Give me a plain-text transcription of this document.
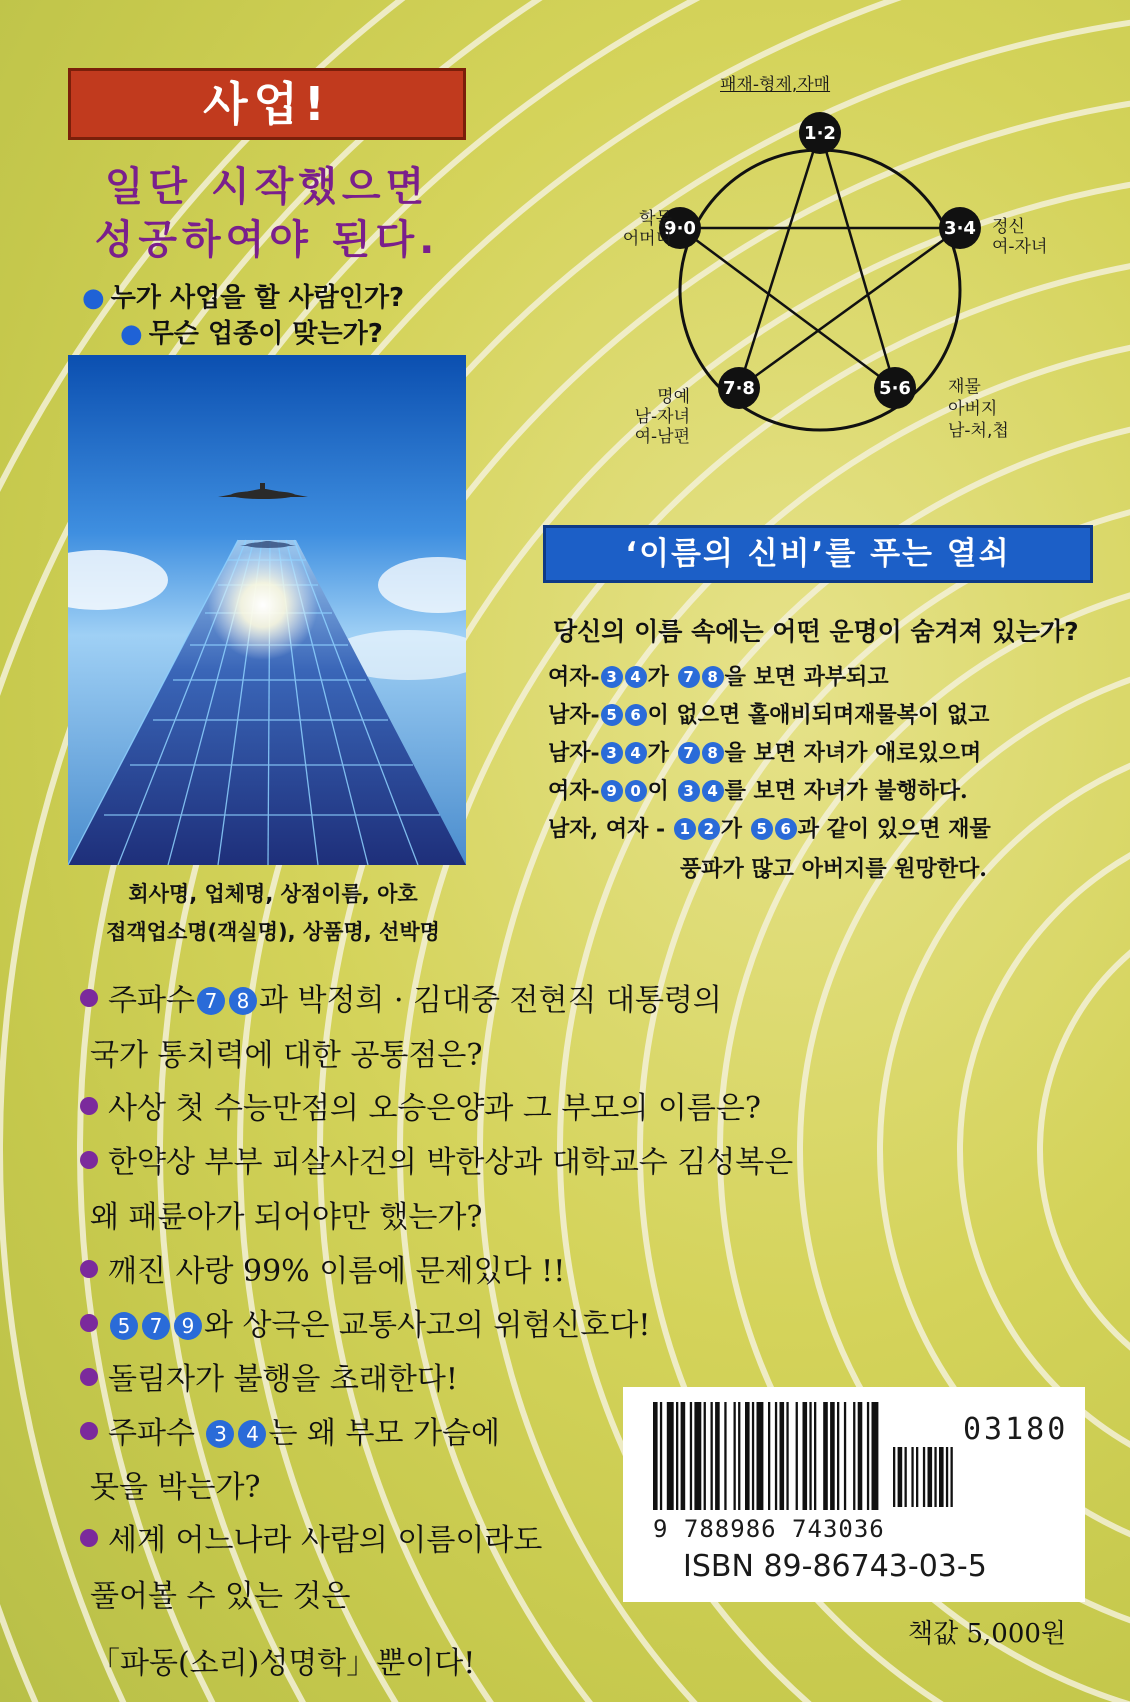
사업!
일단 시작했으면
성공하여야 된다.
● 누가 사업을 할 사람인가?
● 무슨 업종이 맞는가?
회사명, 업체명, 상점이름, 아호
접객업소명(객실명), 상품명, 선박명
1·2
9·0	3·4
7·8	5·6
패재-형제,자매
학문
어머니
정신
여-자녀
명예
남-자녀
여-남편
재물
아버지
남-처,첩
‘이름의 신비’를 푸는 열쇠
당신의 이름 속에는 어떤 운명이 숨겨져 있는가?
여자- 3 4 가 7 8 을 보면 과부되고
남자- 5 6 이 없으면 홀애비되며재물복이 없고
남자- 3 4 가 7 8 을 보면 자녀가 애로있으며
여자- 9 0 이 3 4 를 보면 자녀가 불행하다.
남자, 여자 - 1 2 가 5 6 과 같이 있으면 재물
풍파가 많고 아버지를 원망한다.
주파수 7 8 과 박정희 · 김대중 전현직 대통령의
국가 통치력에 대한 공통점은?
사상 첫 수능만점의 오승은양과 그 부모의 이름은?
한약상 부부 피살사건의 박한상과 대학교수 김성복은
왜 패륜아가 되어야만 했는가?
깨진 사랑 99% 이름에 문제있다 !!
5 7 9 와 상극은 교통사고의 위험신호다!
돌림자가 불행을 초래한다!
주파수 3 4 는 왜 부모 가슴에
못을 박는가?
세계 어느나라 사람의 이름이라도
풀어볼 수 있는 것은
「파동(소리)성명학」뿐이다!
03180
9 788986 743036
ISBN 89-86743-03-5
책값 5,000원
